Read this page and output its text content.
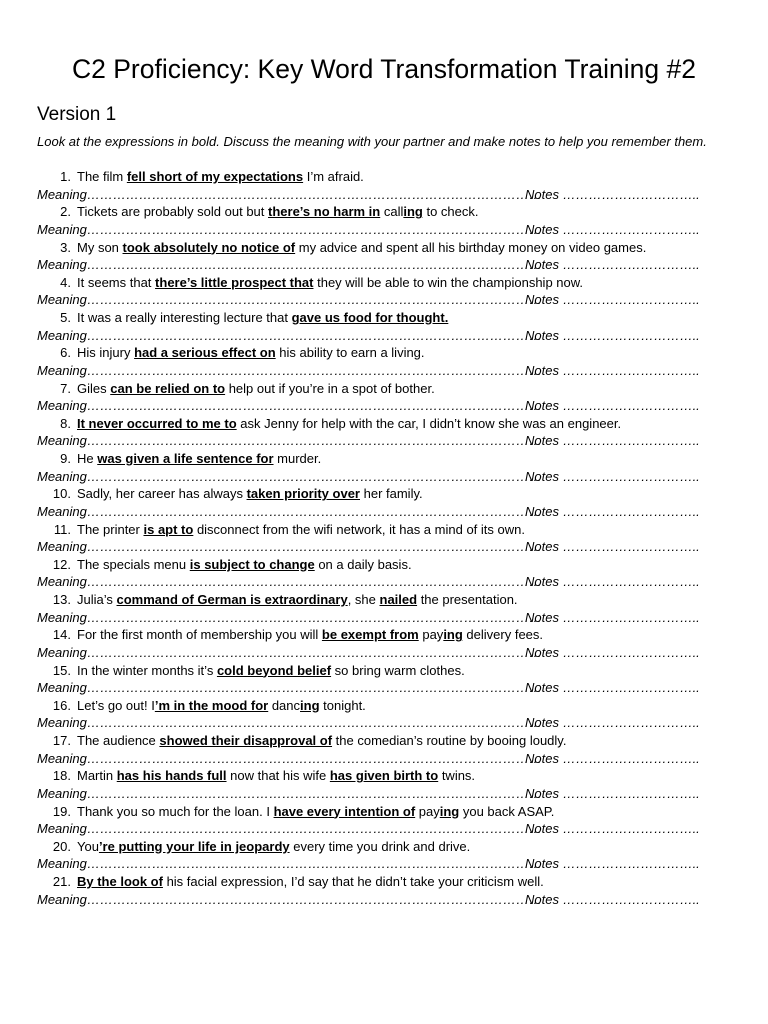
C2 Proficiency: Key Word Transformation Training #2
Version 1
Look at the expressions in bold. Discuss the meaning with your partner and make notes to help you remember them.
1. The film fell short of my expectations I’m afraid.
Meaning……………………………………………………………………………………………
Notes …………………………..
2. Tickets are probably sold out but there’s no harm in calling to check.
Meaning……………………………………………………………………………………………
Notes …………………………..
3. My son took absolutely no notice of my advice and spent all his birthday money on video games.
Meaning……………………………………………………………………………………………
Notes …………………………..
4. It seems that there’s little prospect that they will be able to win the championship now.
Meaning……………………………………………………………………………………………
Notes …………………………..
5. It was a really interesting lecture that gave us food for thought.
Meaning……………………………………………………………………………………………
Notes …………………………..
6. His injury had a serious effect on his ability to earn a living.
Meaning……………………………………………………………………………………………
Notes …………………………..
7. Giles can be relied on to help out if you’re in a spot of bother.
Meaning……………………………………………………………………………………………
Notes …………………………..
8. It never occurred to me to ask Jenny for help with the car, I didn’t know she was an engineer.
Meaning……………………………………………………………………………………………
Notes …………………………..
9. He was given a life sentence for murder.
Meaning……………………………………………………………………………………………
Notes …………………………..
10. Sadly, her career has always taken priority over her family.
Meaning……………………………………………………………………………………………
Notes …………………………..
11. The printer is apt to disconnect from the wifi network, it has a mind of its own.
Meaning……………………………………………………………………………………………
Notes …………………………..
12. The specials menu is subject to change on a daily basis.
Meaning……………………………………………………………………………………………
Notes …………………………..
13. Julia’s command of German is extraordinary, she nailed the presentation.
Meaning……………………………………………………………………………………………
Notes …………………………..
14. For the first month of membership you will be exempt from paying delivery fees.
Meaning……………………………………………………………………………………………
Notes …………………………..
15. In the winter months it’s cold beyond belief so bring warm clothes.
Meaning……………………………………………………………………………………………
Notes …………………………..
16. Let’s go out! I’m in the mood for dancing tonight.
Meaning……………………………………………………………………………………………
Notes …………………………..
17. The audience showed their disapproval of the comedian’s routine by booing loudly.
Meaning……………………………………………………………………………………………
Notes …………………………..
18. Martin has his hands full now that his wife has given birth to twins.
Meaning……………………………………………………………………………………………
Notes …………………………..
19. Thank you so much for the loan. I have every intention of paying you back ASAP.
Meaning……………………………………………………………………………………………
Notes …………………………..
20. You’re putting your life in jeopardy every time you drink and drive.
Meaning……………………………………………………………………………………………
Notes …………………………..
21. By the look of his facial expression, I’d say that he didn’t take your criticism well.
Meaning……………………………………………………………………………………………
Notes …………………………..
